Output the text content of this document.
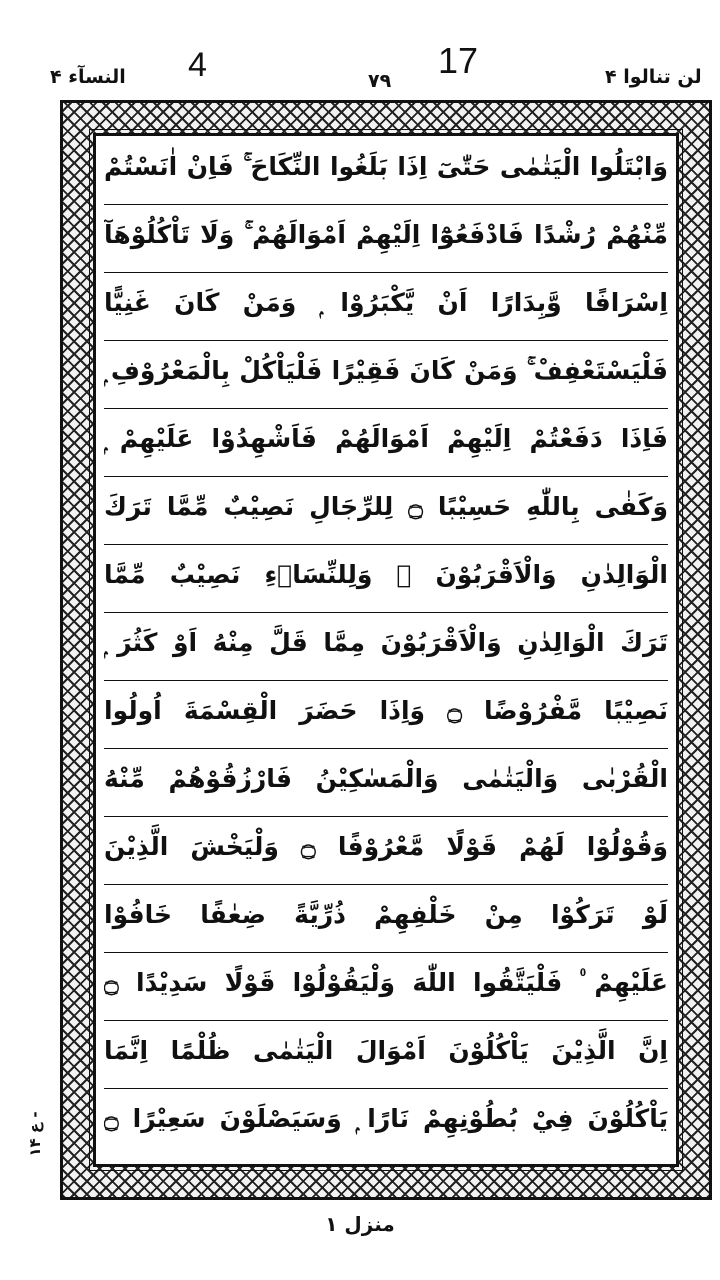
النسآء ۴ 4	۷۹ 17	لن تنالوا ۴
وَابْتَلُوا الْيَتٰمٰى حَتّٰىٓ اِذَا بَلَغُوا النِّكَاحَ ۚ فَاِنْ اٰنَسْتُمْ
مِّنْهُمْ رُشْدًا فَادْفَعُوْٓا اِلَيْهِمْ اَمْوَالَهُمْ ۚ وَلَا تَاْكُلُوْهَآ
اِسْرَافًا وَّبِدَارًا اَنْ يَّكْبَرُوْا ۭ وَمَنْ كَانَ غَنِيًّا
فَلْيَسْتَعْفِفْ ۚ وَمَنْ كَانَ فَقِيْرًا فَلْيَاْكُلْ بِالْمَعْرُوْفِ ۭ
فَاِذَا دَفَعْتُمْ اِلَيْهِمْ اَمْوَالَهُمْ فَاَشْهِدُوْا عَلَيْهِمْ ۭ
وَكَفٰى بِاللّٰهِ حَسِيْبًا ۝ لِلرِّجَالِ نَصِيْبٌ مِّمَّا تَرَكَ
الْوَالِدٰنِ وَالْاَقْرَبُوْنَ ۠ وَلِلنِّسَاۗءِ نَصِيْبٌ مِّمَّا
تَرَكَ الْوَالِدٰنِ وَالْاَقْرَبُوْنَ مِمَّا قَلَّ مِنْهُ اَوْ كَثُرَ ۭ
نَصِيْبًا مَّفْرُوْضًا ۝ وَاِذَا حَضَرَ الْقِسْمَةَ اُولُوا
الْقُرْبٰى وَالْيَتٰمٰى وَالْمَسٰكِيْنُ فَارْزُقُوْھُمْ مِّنْهُ
وَقُوْلُوْا لَھُمْ قَوْلًا مَّعْرُوْفًا ۝ وَلْيَخْشَ الَّذِيْنَ
لَوْ تَرَكُوْا مِنْ خَلْفِھِمْ ذُرِّيَّةً ضِعٰفًا خَافُوْا
عَلَيْھِمْ ۠ فَلْيَتَّقُوا اللّٰهَ وَلْيَقُوْلُوْا قَوْلًا سَدِيْدًا ۝
اِنَّ الَّذِيْنَ يَاْكُلُوْنَ اَمْوَالَ الْيَتٰمٰى ظُلْمًا اِنَّمَا
يَاْكُلُوْنَ فِيْ بُطُوْنِھِمْ نَارًا ۭ وَسَيَصْلَوْنَ سَعِيْرًا ۝
ع ۱۴ -
منزل ۱
